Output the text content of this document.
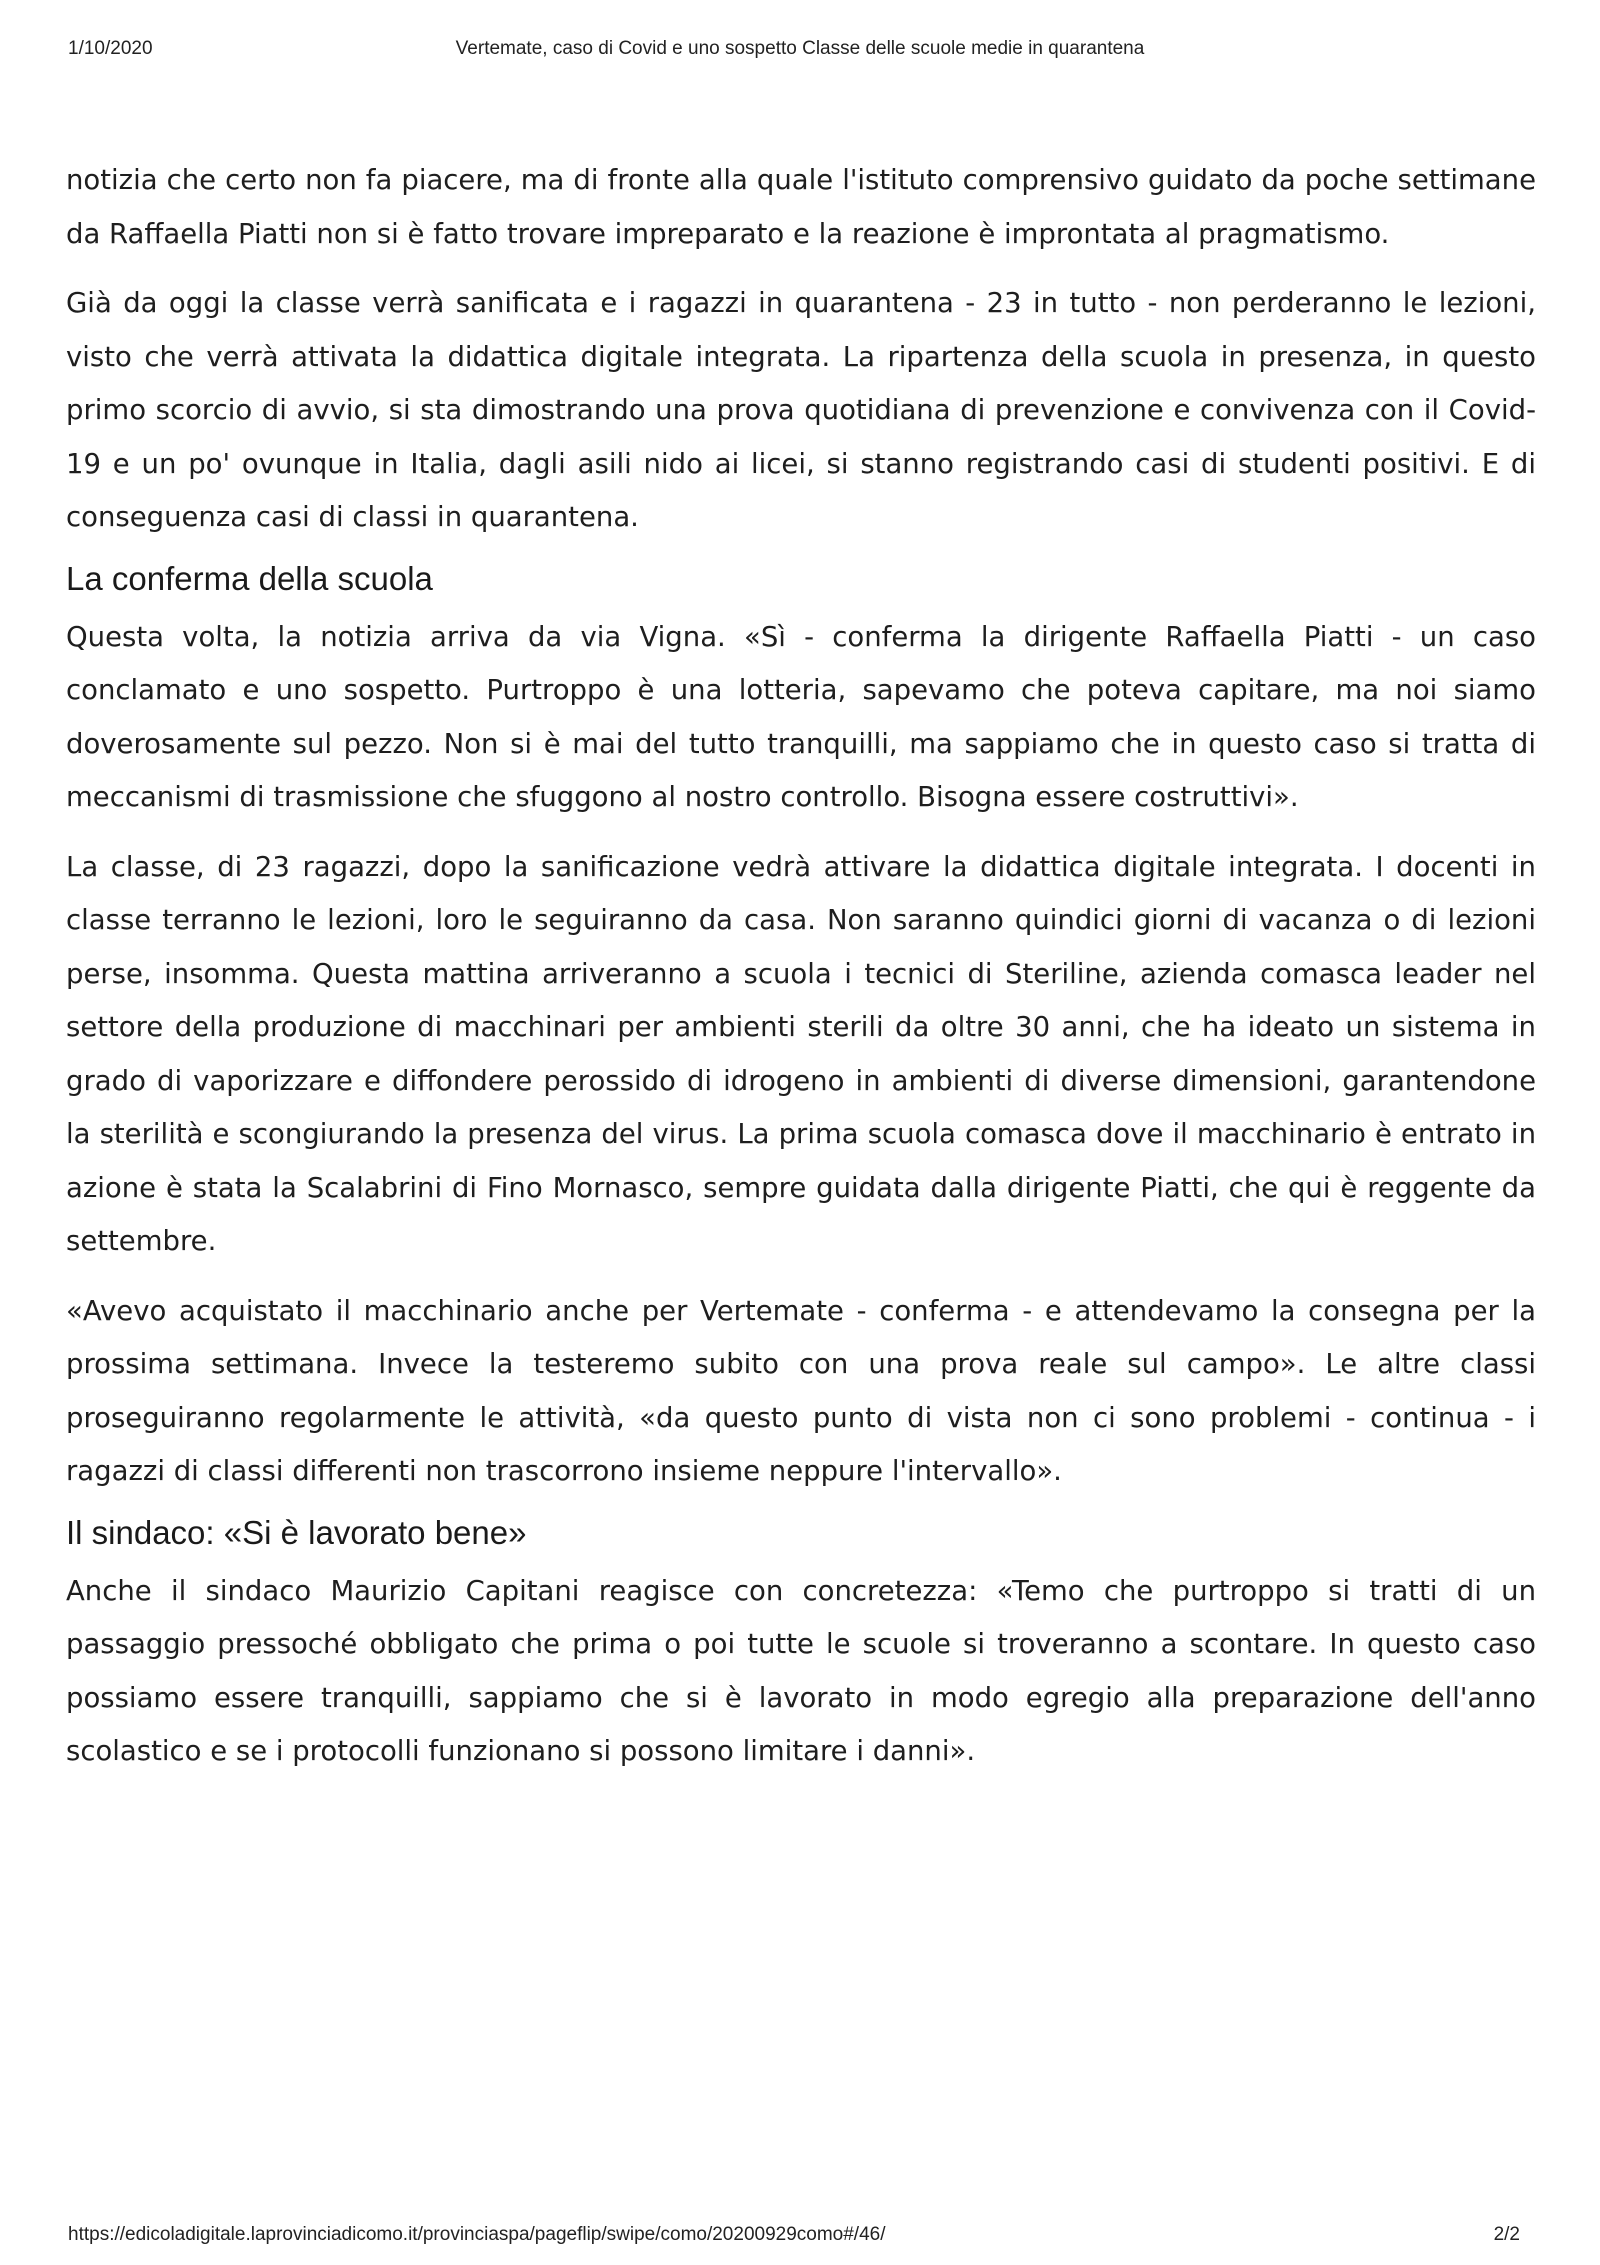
1/10/2020	Vertemate, caso di Covid e uno sospetto Classe delle scuole medie in quarantena

notizia che certo non fa piacere, ma di fronte alla quale l'istituto comprensivo guidato da poche settimane da Raffaella Piatti non si è fatto trovare impreparato e la reazione è improntata al pragmatismo.

Già da oggi la classe verrà sanificata e i ragazzi in quarantena - 23 in tutto - non perderanno le lezioni, visto che verrà attivata la didattica digitale integrata. La ripartenza della scuola in presenza, in questo primo scorcio di avvio, si sta dimostrando una prova quotidiana di prevenzione e convivenza con il Covid-19 e un po' ovunque in Italia, dagli asili nido ai licei, si stanno registrando casi di studenti positivi. E di conseguenza casi di classi in quarantena.

La conferma della scuola

Questa volta, la notizia arriva da via Vigna. «Sì - conferma la dirigente Raffaella Piatti - un caso conclamato e uno sospetto. Purtroppo è una lotteria, sapevamo che poteva capitare, ma noi siamo doverosamente sul pezzo. Non si è mai del tutto tranquilli, ma sappiamo che in questo caso si tratta di meccanismi di trasmissione che sfuggono al nostro controllo. Bisogna essere costruttivi».

La classe, di 23 ragazzi, dopo la sanificazione vedrà attivare la didattica digitale integrata. I docenti in classe terranno le lezioni, loro le seguiranno da casa. Non saranno quindici giorni di vacanza o di lezioni perse, insomma. Questa mattina arriveranno a scuola i tecnici di Steriline, azienda comasca leader nel settore della produzione di macchinari per ambienti sterili da oltre 30 anni, che ha ideato un sistema in grado di vaporizzare e diffondere perossido di idrogeno in ambienti di diverse dimensioni, garantendone la sterilità e scongiurando la presenza del virus. La prima scuola comasca dove il macchinario è entrato in azione è stata la Scalabrini di Fino Mornasco, sempre guidata dalla dirigente Piatti, che qui è reggente da settembre.

«Avevo acquistato il macchinario anche per Vertemate - conferma - e attendevamo la consegna per la prossima settimana. Invece la testeremo subito con una prova reale sul campo». Le altre classi proseguiranno regolarmente le attività, «da questo punto di vista non ci sono problemi - continua - i ragazzi di classi differenti non trascorrono insieme neppure l'intervallo».

Il sindaco: «Si è lavorato bene»

Anche il sindaco Maurizio Capitani reagisce con concretezza: «Temo che purtroppo si tratti di un passaggio pressoché obbligato che prima o poi tutte le scuole si troveranno a scontare. In questo caso possiamo essere tranquilli, sappiamo che si è lavorato in modo egregio alla preparazione dell'anno scolastico e se i protocolli funzionano si possono limitare i danni».

https://edicoladigitale.laprovinciadicomo.it/provinciaspa/pageflip/swipe/como/20200929como#/46/	2/2
